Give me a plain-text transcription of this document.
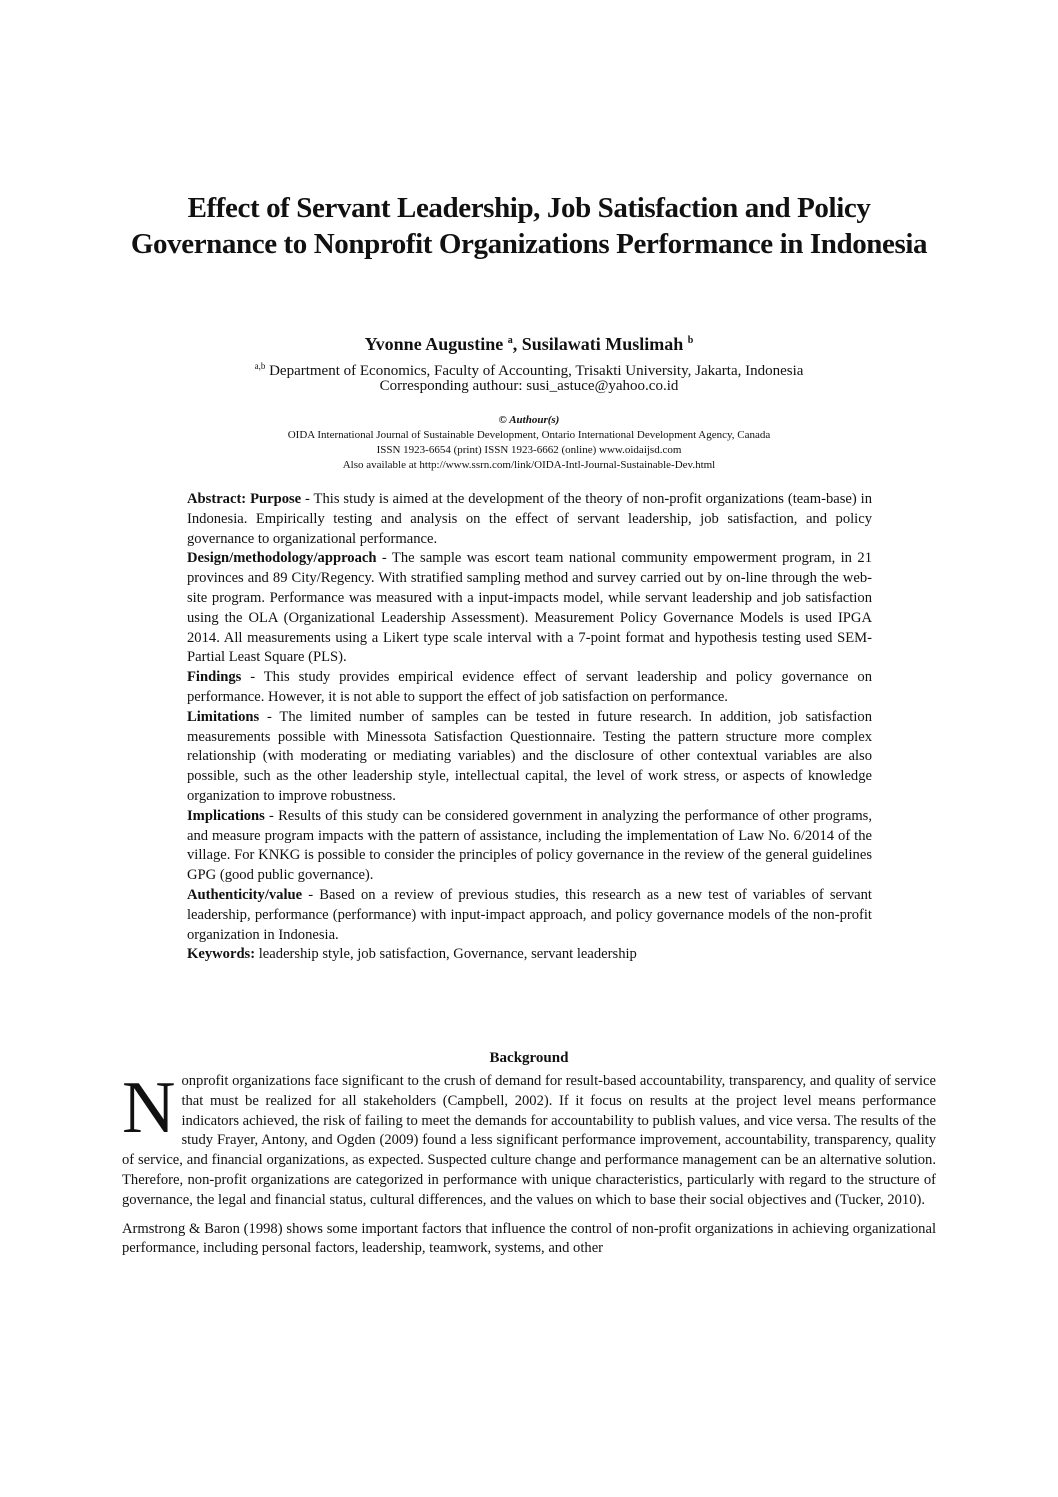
Effect of Servant Leadership, Job Satisfaction and Policy Governance to Nonprofit Organizations Performance in Indonesia
Yvonne Augustine $^a$, Susilawati Muslimah $^b$
$^{a,b}$ Department of Economics, Faculty of Accounting, Trisakti University, Jakarta, Indonesia
Corresponding authour: susi_astuce@yahoo.co.id
© Authour(s)
OIDA International Journal of Sustainable Development, Ontario International Development Agency, Canada
ISSN 1923-6654 (print) ISSN 1923-6662 (online) www.oidaijsd.com
Also available at http://www.ssrn.com/link/OIDA-Intl-Journal-Sustainable-Dev.html

Abstract: Purpose - This study is aimed at the development of the theory of non-profit organizations (team-base) in Indonesia. Empirically testing and analysis on the effect of servant leadership, job satisfaction, and policy governance to organizational performance.

Design/methodology/approach - The sample was escort team national community empowerment program, in 21 provinces and 89 City/Regency. With stratified sampling method and survey carried out by on-line through the web-site program. Performance was measured with a input-impacts model, while servant leadership and job satisfaction using the OLA (Organizational Leadership Assessment). Measurement Policy Governance Models is used IPGA 2014. All measurements using a Likert type scale interval with a 7-point format and hypothesis testing used SEM-Partial Least Square (PLS).

Findings - This study provides empirical evidence effect of servant leadership and policy governance on performance. However, it is not able to support the effect of job satisfaction on performance.

Limitations - The limited number of samples can be tested in future research. In addition, job satisfaction measurements possible with Minessota Satisfaction Questionnaire. Testing the pattern structure more complex relationship (with moderating or mediating variables) and the disclosure of other contextual variables are also possible, such as the other leadership style, intellectual capital, the level of work stress, or aspects of knowledge organization to improve robustness.

Implications - Results of this study can be considered government in analyzing the performance of other programs, and measure program impacts with the pattern of assistance, including the implementation of Law No. 6/2014 of the village. For KNKG is possible to consider the principles of policy governance in the review of the general guidelines GPG (good public governance).

Authenticity/value - Based on a review of previous studies, this research as a new test of variables of servant leadership, performance (performance) with input-impact approach, and policy governance models of the non-profit organization in Indonesia.

Keywords: leadership style, job satisfaction, Governance, servant leadership

Background

Nonprofit organizations face significant to the crush of demand for result-based accountability, transparency, and quality of service that must be realized for all stakeholders (Campbell, 2002). If it focus on results at the project level means performance indicators achieved, the risk of failing to meet the demands for accountability to publish values, and vice versa. The results of the study Frayer, Antony, and Ogden (2009) found a less significant performance improvement, accountability, transparency, quality of service, and financial organizations, as expected. Suspected culture change and performance management can be an alternative solution. Therefore, non-profit organizations are categorized in performance with unique characteristics, particularly with regard to the structure of governance, the legal and financial status, cultural differences, and the values on which to base their social objectives and (Tucker, 2010).

Armstrong & Baron (1998) shows some important factors that influence the control of non-profit organizations in achieving organizational performance, including personal factors, leadership, teamwork, systems, and other
